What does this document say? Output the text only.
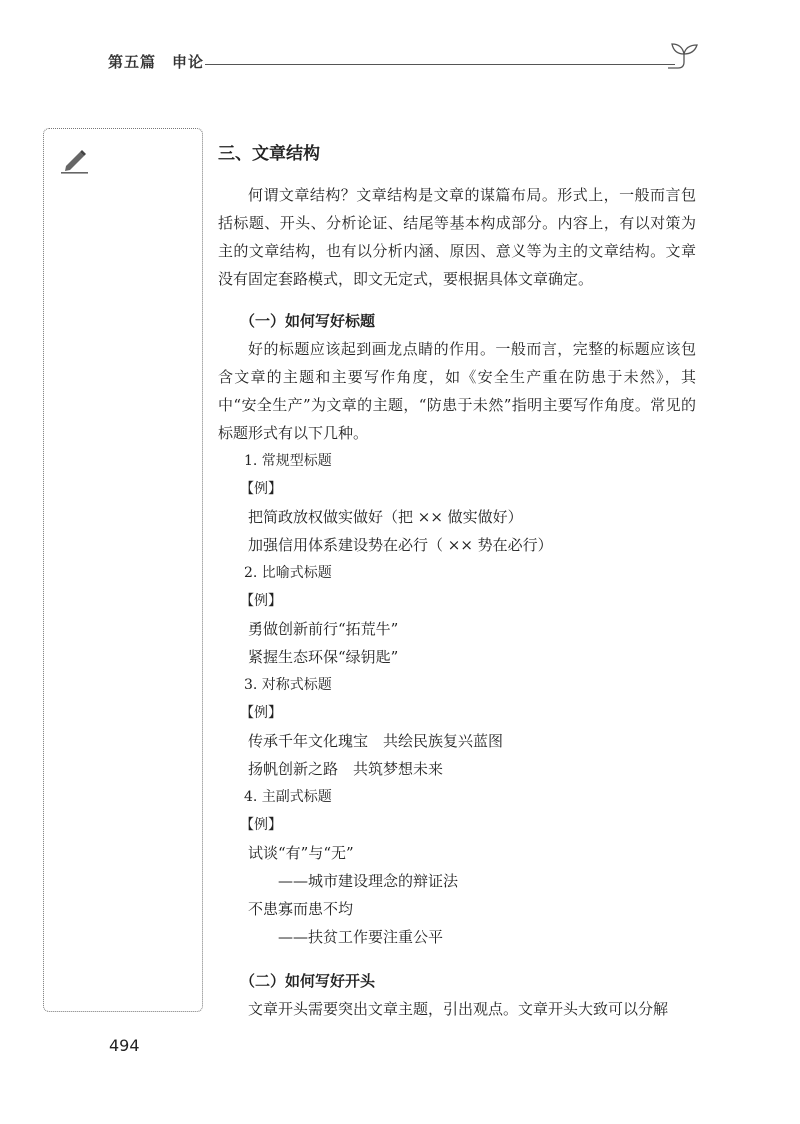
第五篇　申论
三、文章结构

何谓文章结构？文章结构是文章的谋篇布局。形式上，一般而言包括标题、开头、分析论证、结尾等基本构成部分。内容上，有以对策为主的文章结构，也有以分析内涵、原因、意义等为主的文章结构。文章没有固定套路模式，即文无定式，要根据具体文章确定。

（一）如何写好标题

好的标题应该起到画龙点睛的作用。一般而言，完整的标题应该包含文章的主题和主要写作角度，如《安全生产重在防患于未然》，其中“安全生产”为文章的主题，“防患于未然”指明主要写作角度。常见的标题形式有以下几种。

1. 常规型标题

【例】

把简政放权做实做好（把 ×× 做实做好）

加强信用体系建设势在必行（ ×× 势在必行）

2. 比喻式标题

【例】

勇做创新前行“拓荒牛”

紧握生态环保“绿钥匙”

3. 对称式标题

【例】

传承千年文化瑰宝　共绘民族复兴蓝图

扬帆创新之路　共筑梦想未来

4. 主副式标题

【例】

试谈“有”与“无”

——城市建设理念的辩证法

不患寡而患不均

——扶贫工作要注重公平

（二）如何写好开头

文章开头需要突出文章主题，引出观点。文章开头大致可以分解

494
